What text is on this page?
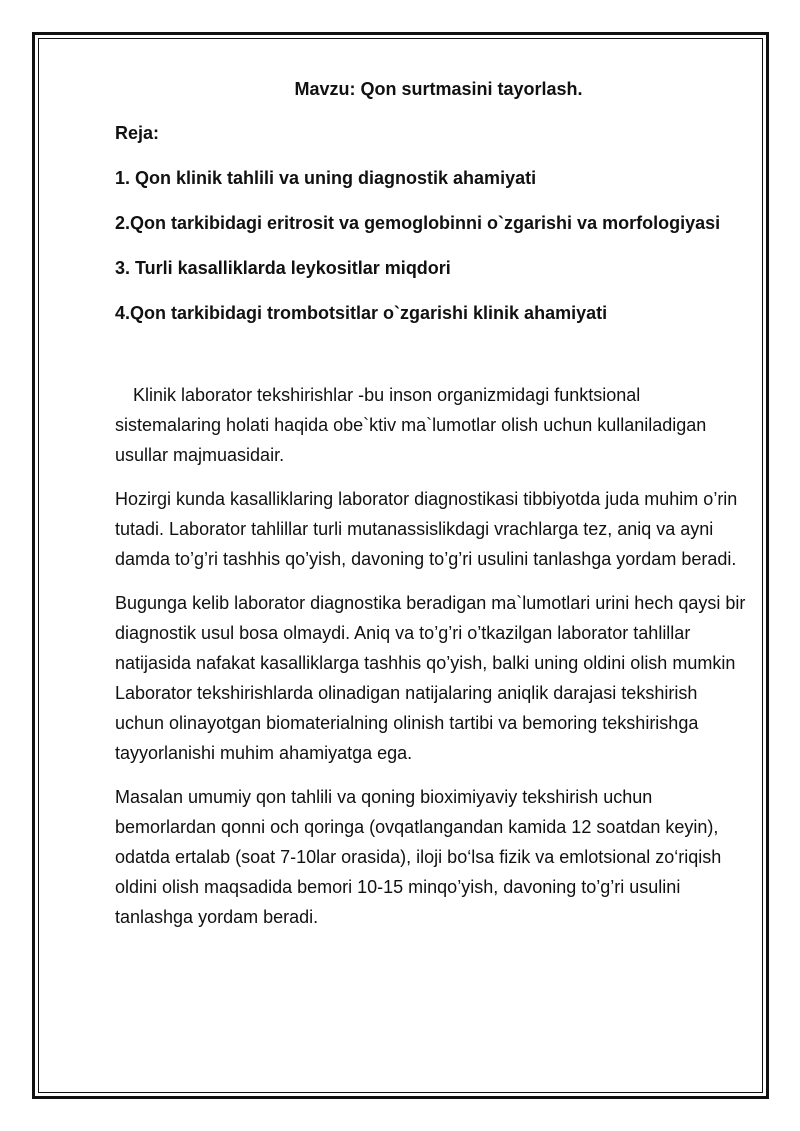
Mavzu: Qon surtmasini tayorlash.
Reja:
1. Qon klinik tahlili va uning diagnostik ahamiyati
2.Qon tarkibidagi eritrosit va gemoglobinni o`zgarishi va morfologiyasi
3. Turli kasalliklarda leykositlar miqdori
4.Qon tarkibidagi trombotsitlar o`zgarishi klinik ahamiyati

Klinik laborator tekshirishlar -bu inson organizmidagi funktsional sistemalaring holati haqida obe`ktiv ma`lumotlar olish uchun kullaniladigan usullar majmuasidair.

Hozirgi kunda kasalliklaring laborator diagnostikasi tibbiyotda juda muhim o’rin tutadi. Laborator tahlillar turli mutanassislikdagi vrachlarga tez, aniq va ayni damda to’g’ri tashhis qo’yish, davoning to’g’ri usulini tanlashga yordam beradi.

Bugunga kelib laborator diagnostika beradigan ma`lumotlari urini hech qaysi bir diagnostik usul bosa olmaydi. Aniq va to’g’ri o’tkazilgan laborator tahlillar natijasida nafakat kasalliklarga tashhis qo’yish, balki uning oldini olish mumkin Laborator tekshirishlarda olinadigan natijalaring aniqlik darajasi tekshirish uchun olinayotgan biomaterialning olinish tartibi va bemoring tekshirishga tayyorlanishi muhim ahamiyatga ega.

Masalan umumiy qon tahlili va qoning bioximiyaviy tekshirish uchun bemorlardan qonni och qoringa (ovqatlangandan kamida 12 soatdan keyin), odatda ertalab (soat 7-10lar orasida), iloji bo‘lsa fizik va emlotsional zo‘riqish oldini olish maqsadida bemori 10-15 minqo’yish, davoning to’g’ri usulini tanlashga yordam beradi.
